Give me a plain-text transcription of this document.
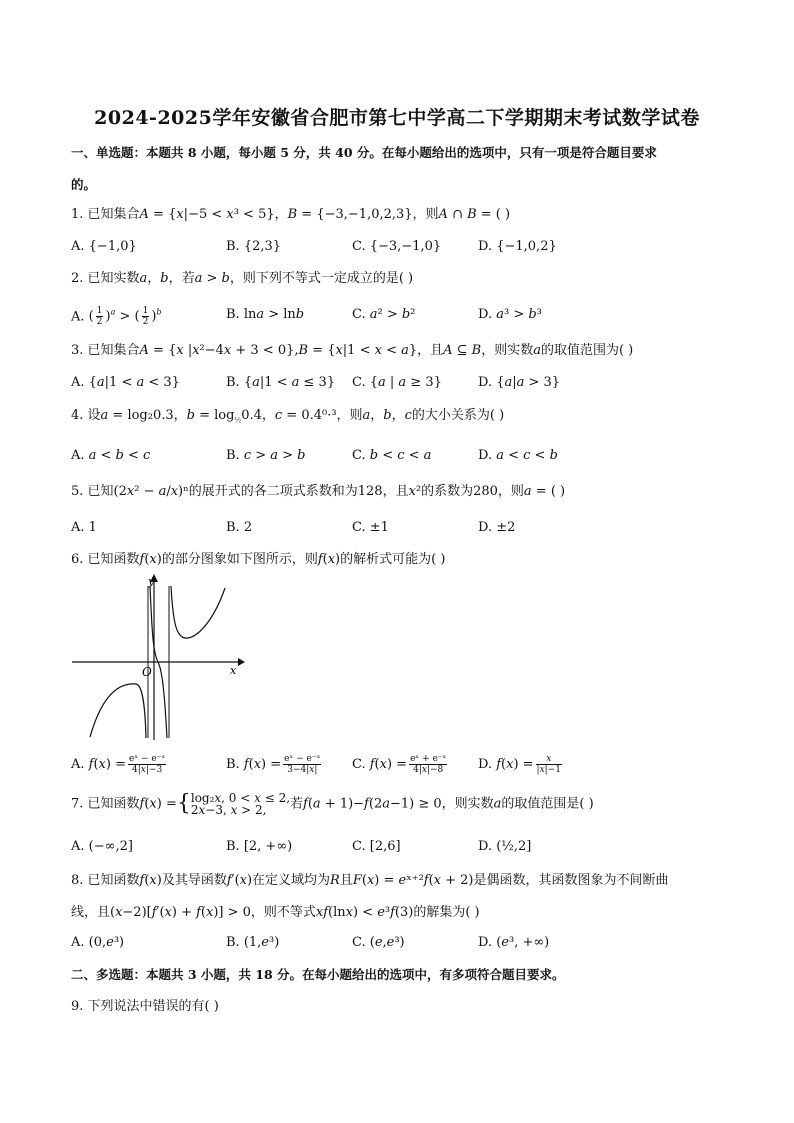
2024-2025学年安徽省合肥市第七中学高二下学期期末考试数学试卷
一、单选题：本题共 8 小题，每小题 5 分，共 40 分。在每小题给出的选项中，只有一项是符合题目要求
的。
1. 已知集合𝐴 = {𝑥|−5 < 𝑥³ < 5}，𝐵 = {−3,−1,0,2,3}，则𝐴 ∩ 𝐵 = ( )
A. {−1,0}	B. {2,3}	C. {−3,−1,0}	D. {−1,0,2}
2. 已知实数𝑎，𝑏，若𝑎 > 𝑏，则下列不等式一定成立的是( )
A. ( $\frac{1}{2} )^a$ > ( $\frac{1}{2} )^b$	B. ln𝑎 > ln𝑏	C. 𝑎² > 𝑏²	D. 𝑎³ > 𝑏³
3. 已知集合𝐴 = {𝑥 |𝑥²−4𝑥 + 3 < 0},𝐵 = {𝑥|1 < 𝑥 < 𝑎}，且𝐴 ⊆ 𝐵，则实数𝑎的取值范围为( )
A. {𝑎|1 < 𝑎 < 3}	B. {𝑎|1 < 𝑎 ≤ 3} C. {𝑎 | 𝑎 ≥ 3}	D. {𝑎|𝑎 > 3}
4. 设𝑎 = log₂0.3，𝑏 = $\log_{\frac{1}{2}}0.4$，𝑐 = 0.4⁰·³，则𝑎，𝑏，𝑐的大小关系为( )
A. 𝑎 < 𝑏 < 𝑐	B. 𝑐 > 𝑎 > 𝑏	C. 𝑏 < 𝑐 < 𝑎	D. 𝑎 < 𝑐 < 𝑏
5. 已知(2𝑥² − 𝑎/𝑥)ⁿ的展开式的各二项式系数和为128，且𝑥²的系数为280，则𝑎 = ( )
A. 1	B. 2	C. ±1	D. ±2
6. 已知函数𝑓(𝑥)的部分图象如下图所示，则𝑓(𝑥)的解析式可能为( )
y
x
O
A. 𝑓(𝑥) = $\frac{\text{eˣ − e⁻ˣ}}{\text{4|𝑥|−3}}$	B. 𝑓(𝑥) = $\frac{\text{eˣ − e⁻ˣ}}{\text{3−4|𝑥|}} C$. 𝑓(𝑥) = $\frac{\text{eˣ + e⁻ˣ}}{\text{4|𝑥|−8}} D$. 𝑓(𝑥) = $\frac{\text{𝑥}}{\text{|𝑥|−1}}$
7. 已知函数𝑓(𝑥) ={ log₂𝑥, 0 < 𝑥 ≤ 2,
2𝑥−3, 𝑥 > 2,	若𝑓(𝑎 + 1)−𝑓(2𝑎−1) ≥ 0，则实数𝑎的取值范围是( )
A. (−∞,2]	B. [2, +∞)	C. [2,6]	D. (½,2]
8. 已知函数𝑓(𝑥)及其导函数𝑓′(𝑥)在定义域均为𝑅且𝐹(𝑥) = 𝑒ˣ⁺²𝑓(𝑥 + 2)是偶函数，其函数图象为不间断曲
线，且(𝑥−2)[𝑓′(𝑥) + 𝑓(𝑥)] > 0，则不等式𝑥𝑓(ln𝑥) < 𝑒³𝑓(3)的解集为( )
A. (0,𝑒³)	B. (1,𝑒³)	C. (𝑒,𝑒³)	D. (𝑒³, +∞)
二、多选题：本题共 3 小题，共 18 分。在每小题给出的选项中，有多项符合题目要求。
9. 下列说法中错误的有( )
